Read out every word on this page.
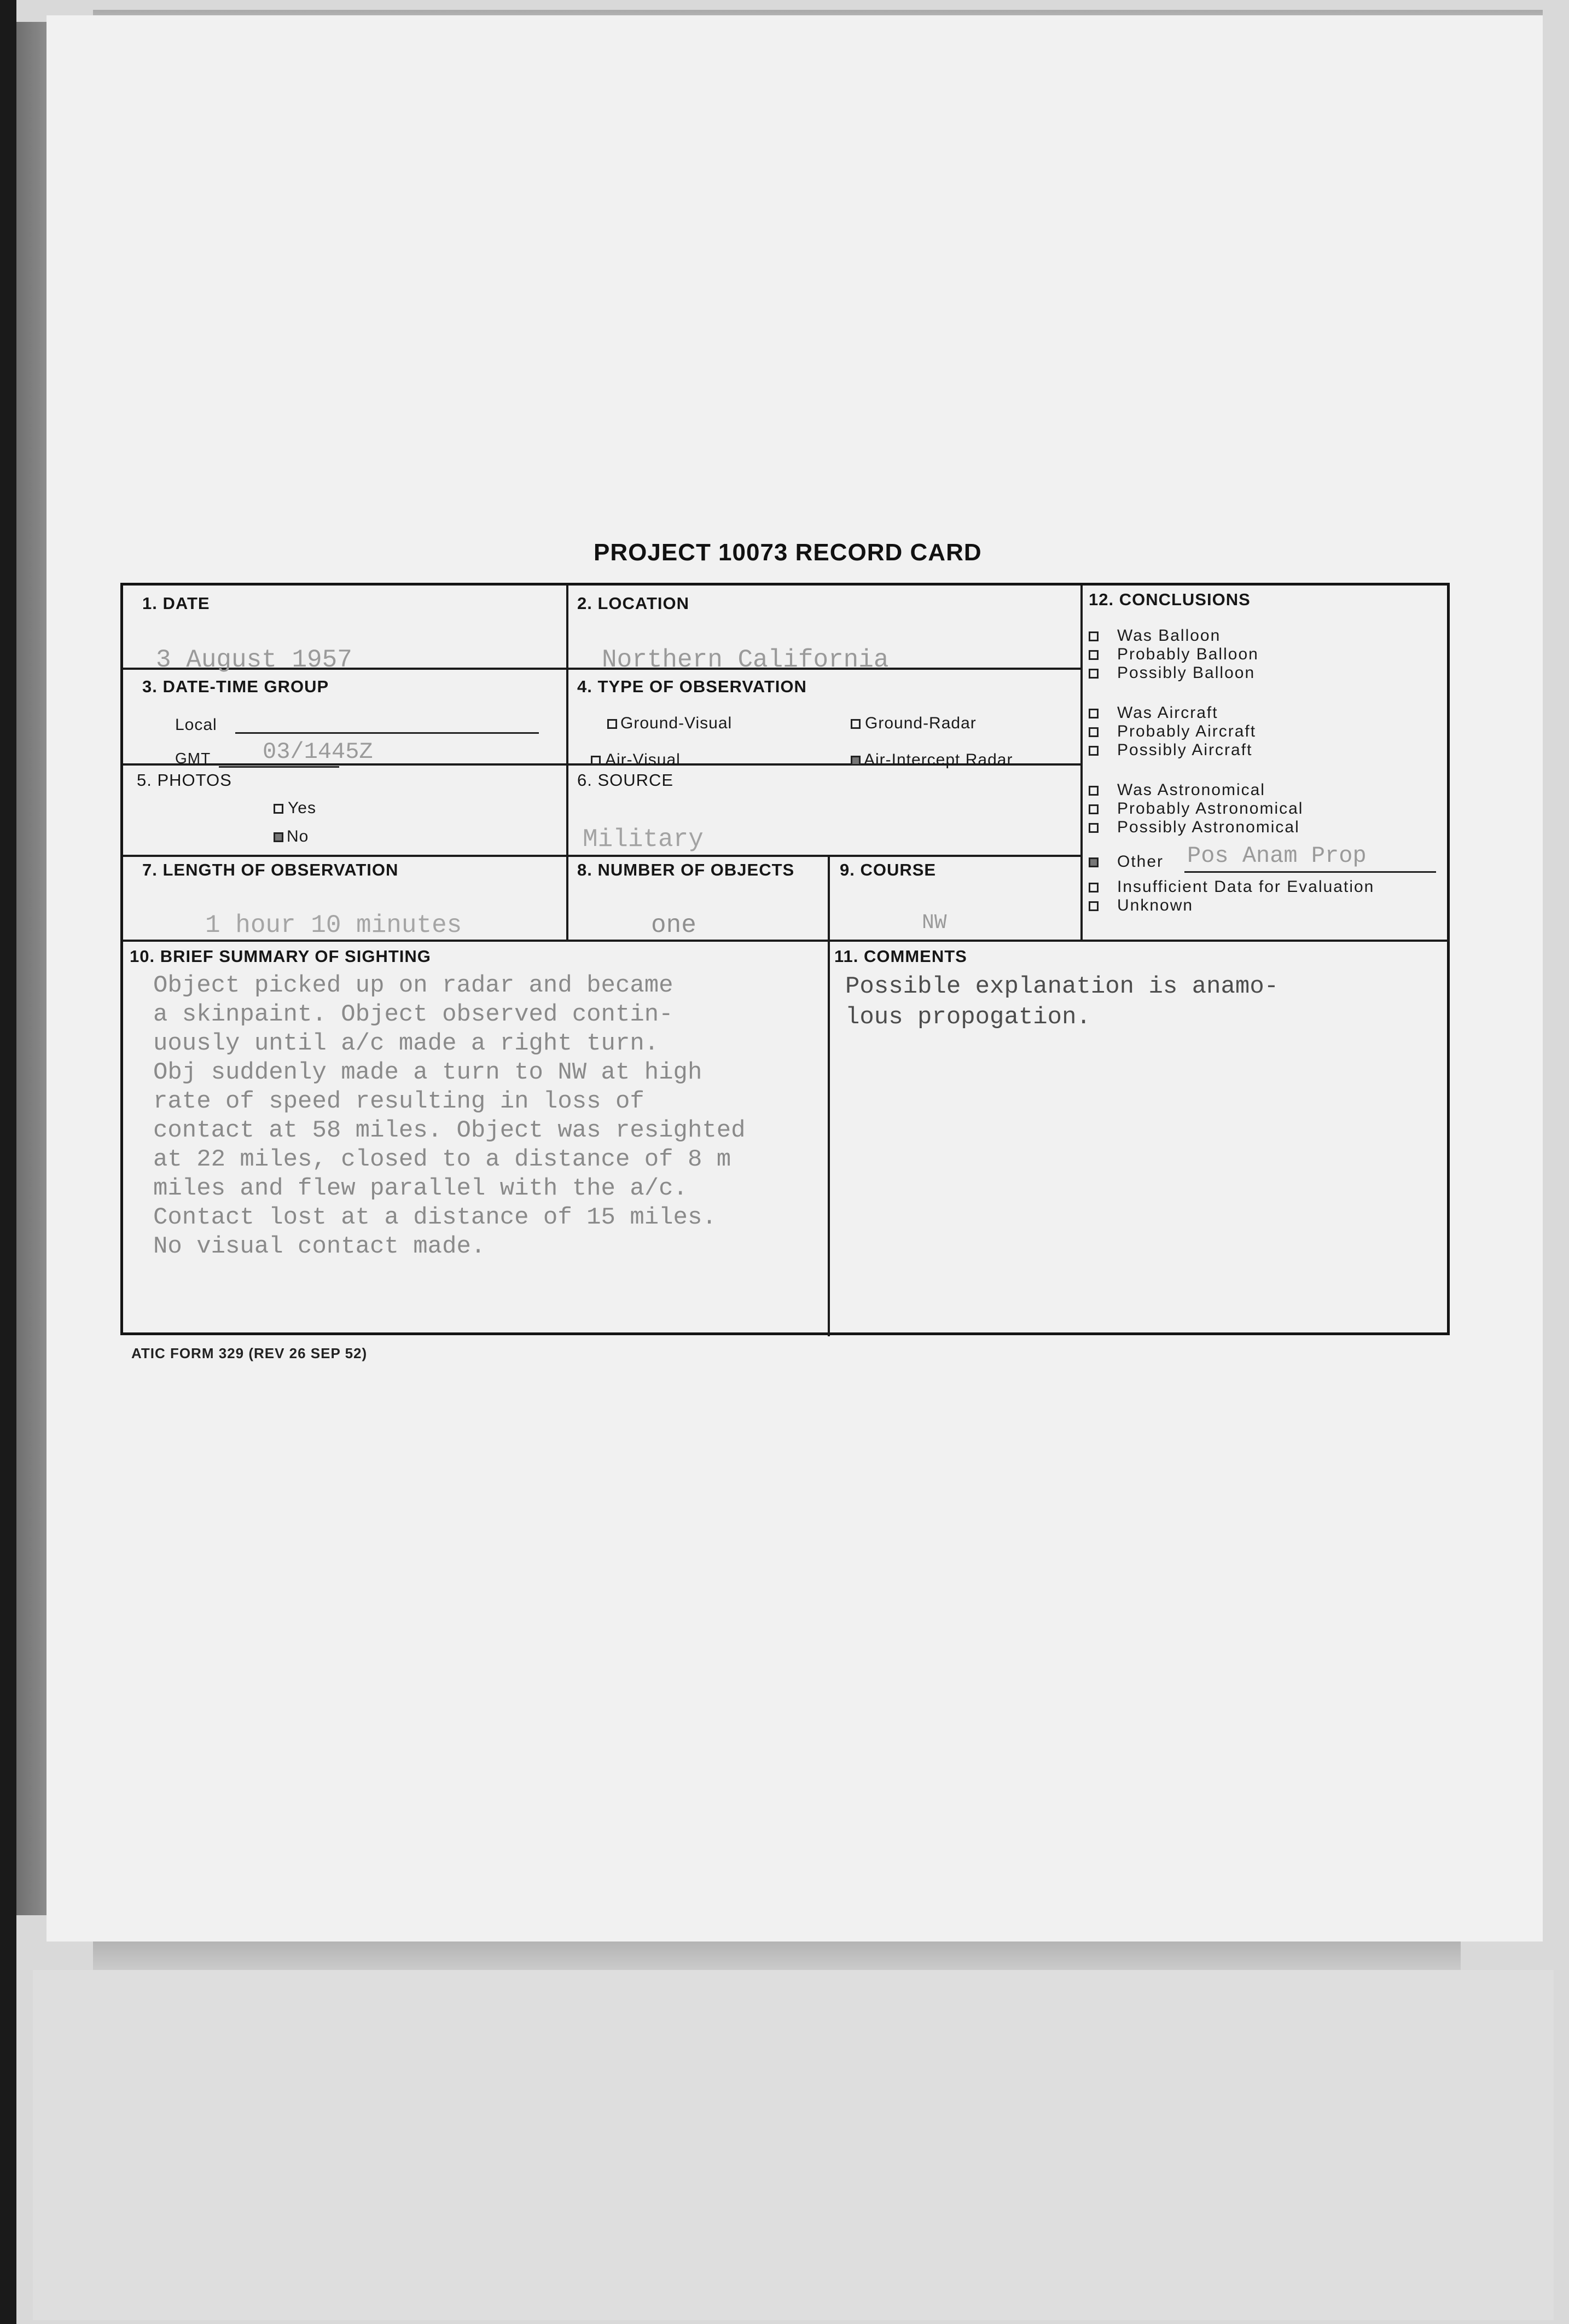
PROJECT 10073 RECORD CARD
1. DATE
3 August 1957
2. LOCATION
Northern California
3. DATE-TIME GROUP
Local
GMT 03/1445Z
4. TYPE OF OBSERVATION
Ground-Visual	Ground-Radar
Air-Visual	Air-Intercept Radar
5. PHOTOS
Yes
No
6. SOURCE
Military
7. LENGTH OF OBSERVATION
1 hour 10 minutes
8. NUMBER OF OBJECTS
one
9. COURSE
NW
10. BRIEF SUMMARY OF SIGHTING
Object picked up on radar and became
a skinpaint. Object observed contin-
uously until a/c made a right turn.
Obj suddenly made a turn to NW at high
rate of speed resulting in loss of
contact at 58 miles. Object was resighted
at 22 miles, closed to a distance of 8 m
miles and flew parallel with the a/c.
Contact lost at a distance of 15 miles.
No visual contact made.
11. COMMENTS
Possible explanation is anamo-
lous propogation.
12. CONCLUSIONS
Was Balloon
Probably Balloon
Possibly Balloon
Was Aircraft
Probably Aircraft
Possibly Aircraft
Was Astronomical
Probably Astronomical
Possibly Astronomical
Other Pos Anam Prop
Insufficient Data for Evaluation
Unknown
ATIC FORM 329 (REV 26 SEP 52)
